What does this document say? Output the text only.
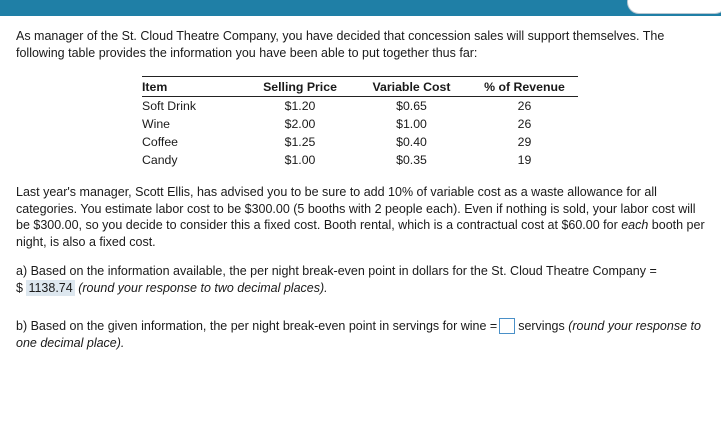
As manager of the St. Cloud Theatre Company, you have decided that concession sales will support themselves. The following table provides the information you have been able to put together thus far:

Item	Selling Price	Variable Cost	% of Revenue
Soft Drink	$1.20	$0.65	26
Wine	$2.00	$1.00	26
Coffee	$1.25	$0.40	29
Candy	$1.00	$0.35	19

Last year's manager, Scott Ellis, has advised you to be sure to add 10% of variable cost as a waste allowance for all categories. You estimate labor cost to be $300.00 (5 booths with 2 people each). Even if nothing is sold, your labor cost will be $300.00, so you decide to consider this a fixed cost. Booth rental, which is a contractual cost at $60.00 for each booth per night, is also a fixed cost.

a) Based on the information available, the per night break-even point in dollars for the St. Cloud Theatre Company =
$ 1138.74 (round your response to two decimal places).

b) Based on the given information, the per night break-even point in servings for wine = servings (round your response to one decimal place).
